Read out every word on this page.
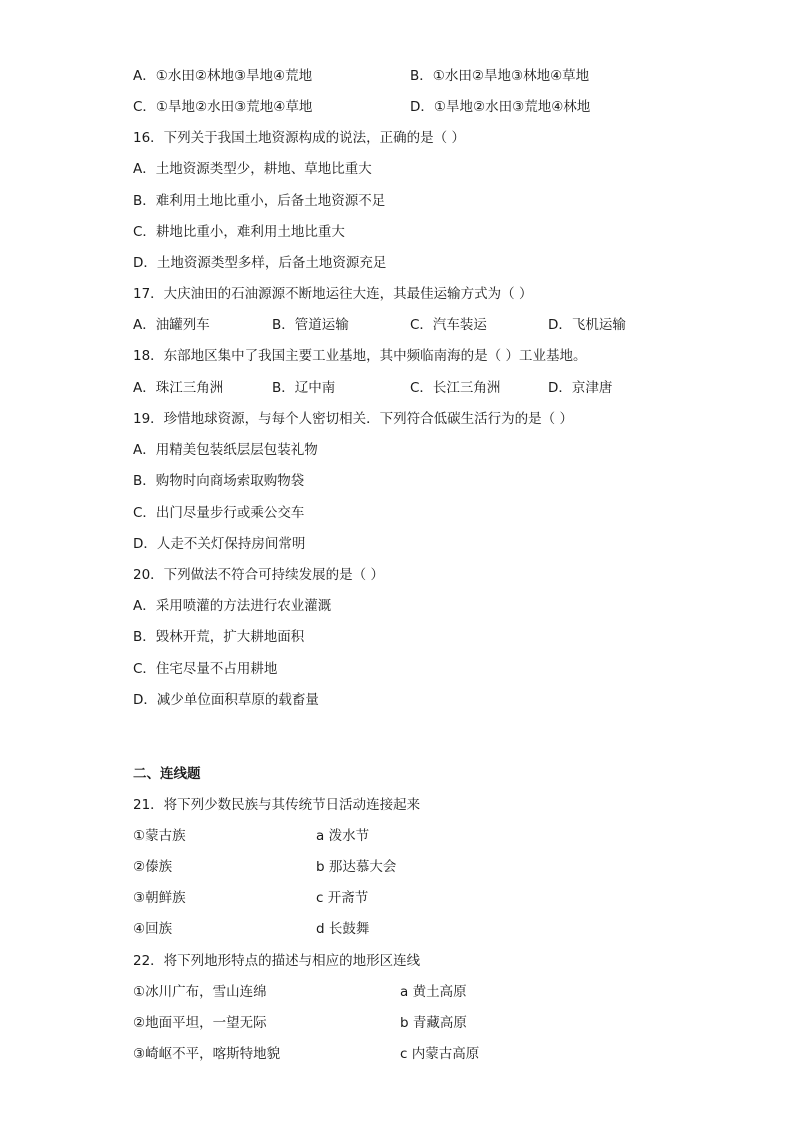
A．①水田②林地③旱地④荒地	B．①水田②旱地③林地④草地
C．①旱地②水田③荒地④草地	D．①旱地②水田③荒地④林地
16．下列关于我国土地资源构成的说法，正确的是（ ）
A．土地资源类型少，耕地、草地比重大
B．难利用土地比重小，后备土地资源不足
C．耕地比重小，难利用土地比重大
D．土地资源类型多样，后备土地资源充足
17．大庆油田的石油源源不断地运往大连，其最佳运输方式为（ ）
A．油罐列车	B．管道运输	C．汽车装运	D．飞机运输
18．东部地区集中了我国主要工业基地，其中频临南海的是（ ）工业基地。
A．珠江三角洲	B．辽中南	C．长江三角洲	D．京津唐
19．珍惜地球资源，与每个人密切相关．下列符合低碳生活行为的是（ ）
A．用精美包装纸层层包装礼物
B．购物时向商场索取购物袋
C．出门尽量步行或乘公交车
D．人走不关灯保持房间常明
20．下列做法不符合可持续发展的是（ ）
A．采用喷灌的方法进行农业灌溉
B．毁林开荒，扩大耕地面积
C．住宅尽量不占用耕地
D．减少单位面积草原的载畜量
二、连线题
21．将下列少数民族与其传统节日活动连接起来
①蒙古族	a 泼水节
②傣族	b 那达慕大会
③朝鲜族	c 开斋节
④回族	d 长鼓舞
22．将下列地形特点的描述与相应的地形区连线
①冰川广布，雪山连绵	a 黄土高原
②地面平坦，一望无际	b 青藏高原
③崎岖不平，喀斯特地貌	c 内蒙古高原
